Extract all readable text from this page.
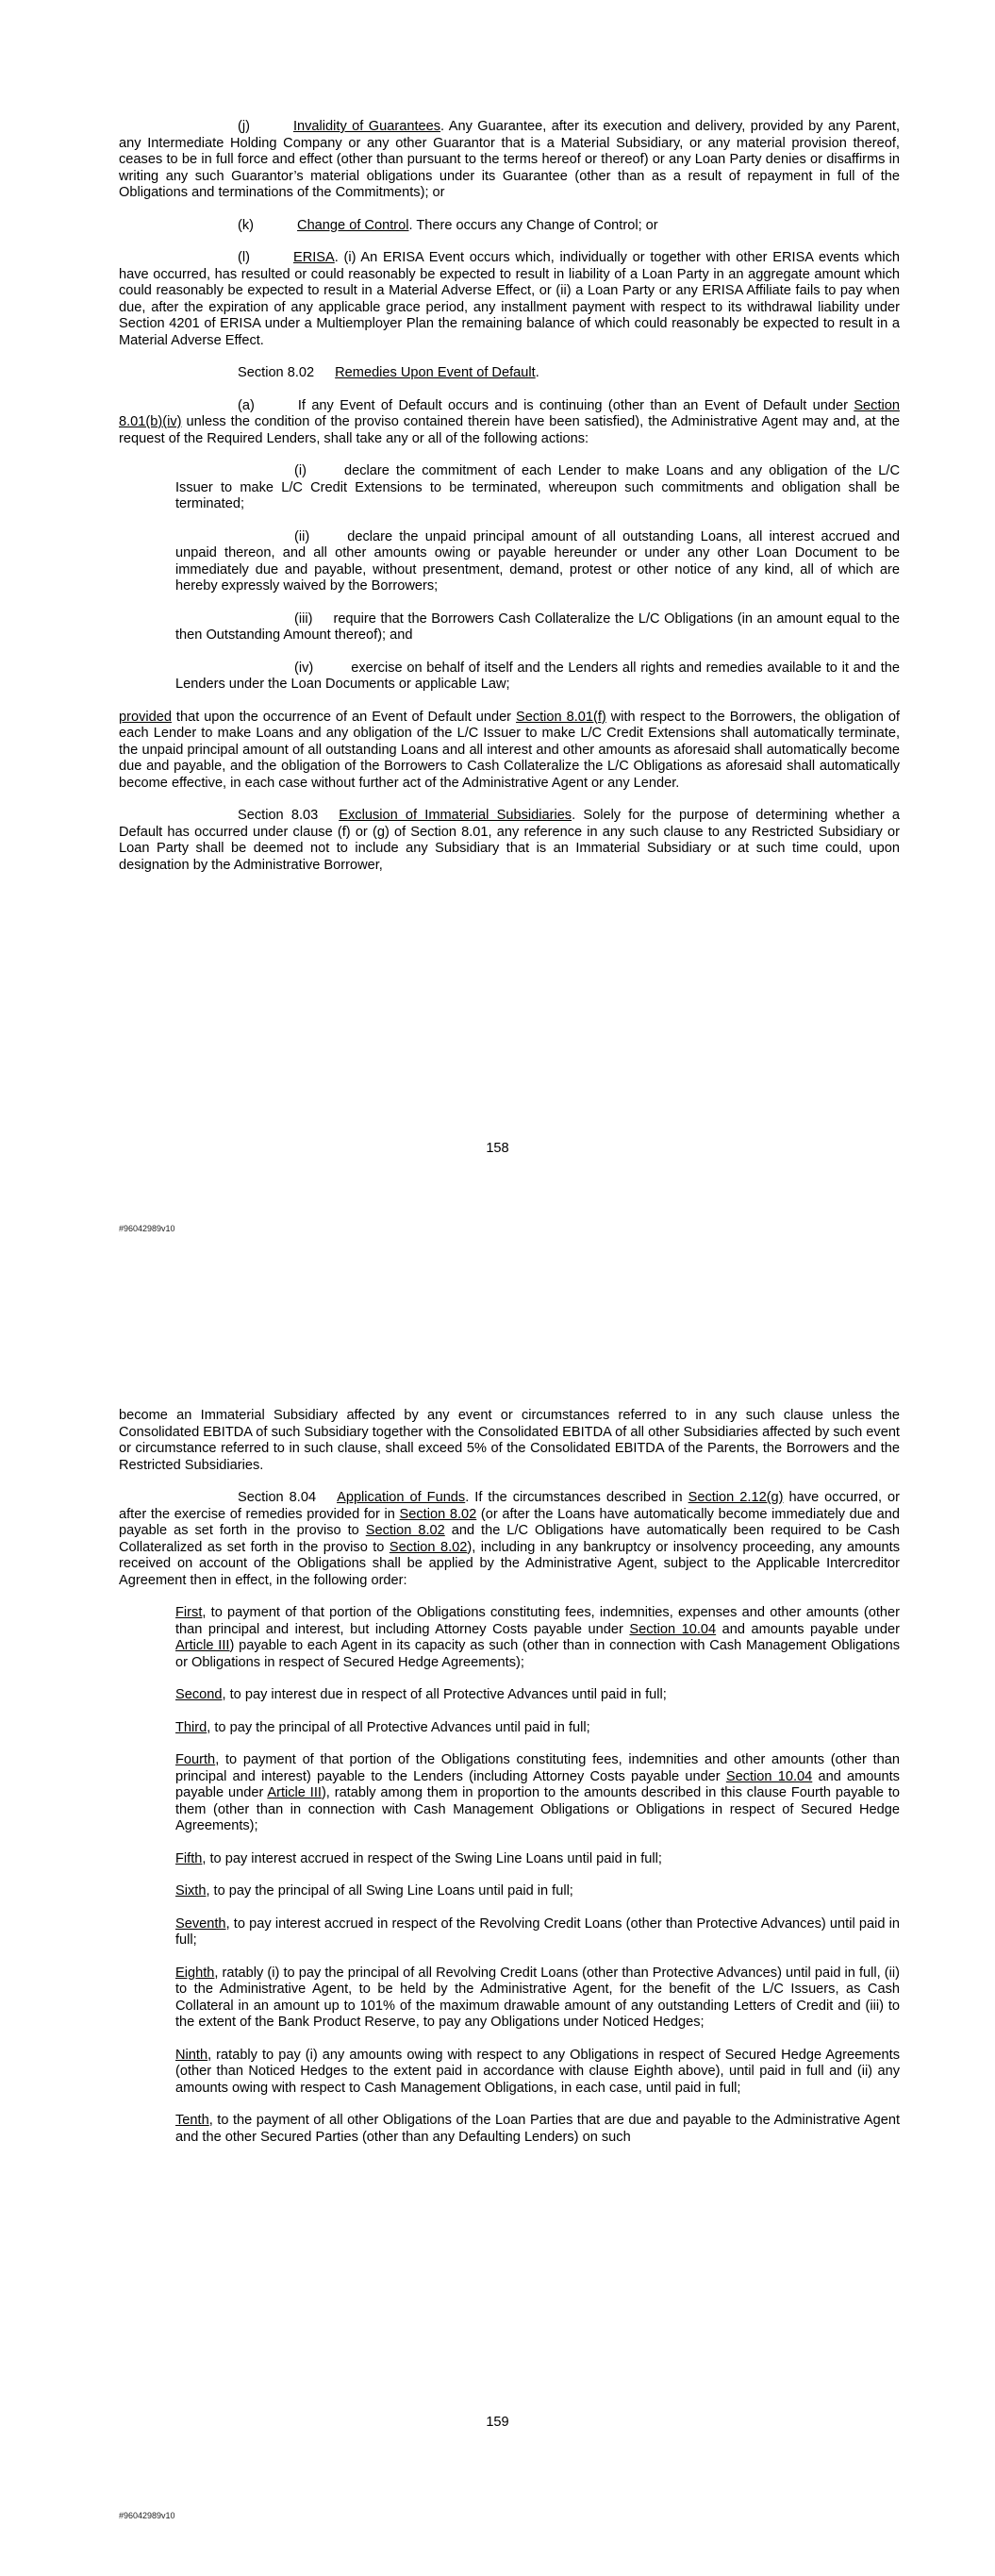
(j)	Invalidity of Guarantees. Any Guarantee, after its execution and delivery, provided by any Parent, any Intermediate Holding Company or any other Guarantor that is a Material Subsidiary, or any material provision thereof, ceases to be in full force and effect (other than pursuant to the terms hereof or thereof) or any Loan Party denies or disaffirms in writing any such Guarantor’s material obligations under its Guarantee (other than as a result of repayment in full of the Obligations and terminations of the Commitments); or

(k)	Change of Control. There occurs any Change of Control; or

(l)	ERISA. (i) An ERISA Event occurs which, individually or together with other ERISA events which have occurred, has resulted or could reasonably be expected to result in liability of a Loan Party in an aggregate amount which could reasonably be expected to result in a Material Adverse Effect, or (ii) a Loan Party or any ERISA Affiliate fails to pay when due, after the expiration of any applicable grace period, any installment payment with respect to its withdrawal liability under Section 4201 of ERISA under a Multiemployer Plan the remaining balance of which could reasonably be expected to result in a Material Adverse Effect.

Section 8.02 Remedies Upon Event of Default.

(a)	If any Event of Default occurs and is continuing (other than an Event of Default under Section 8.01(b)(iv) unless the condition of the proviso contained therein have been satisfied), the Administrative Agent may and, at the request of the Required Lenders, shall take any or all of the following actions:

(i)	declare the commitment of each Lender to make Loans and any obligation of the L/C Issuer to make L/C Credit Extensions to be terminated, whereupon such commitments and obligation shall be terminated;

(ii)	declare the unpaid principal amount of all outstanding Loans, all interest accrued and unpaid thereon, and all other amounts owing or payable hereunder or under any other Loan Document to be immediately due and payable, without presentment, demand, protest or other notice of any kind, all of which are hereby expressly waived by the Borrowers;

(iii) require that the Borrowers Cash Collateralize the L/C Obligations (in an amount equal to the then Outstanding Amount thereof); and

(iv)	exercise on behalf of itself and the Lenders all rights and remedies available to it and the Lenders under the Loan Documents or applicable Law;

provided that upon the occurrence of an Event of Default under Section 8.01(f) with respect to the Borrowers, the obligation of each Lender to make Loans and any obligation of the L/C Issuer to make L/C Credit Extensions shall automatically terminate, the unpaid principal amount of all outstanding Loans and all interest and other amounts as aforesaid shall automatically become due and payable, and the obligation of the Borrowers to Cash Collateralize the L/C Obligations as aforesaid shall automatically become effective, in each case without further act of the Administrative Agent or any Lender.

Section 8.03 Exclusion of Immaterial Subsidiaries. Solely for the purpose of determining whether a Default has occurred under clause (f) or (g) of Section 8.01, any reference in any such clause to any Restricted Subsidiary or Loan Party shall be deemed not to include any Subsidiary that is an Immaterial Subsidiary or at such time could, upon designation by the Administrative Borrower,

158
#96042989v10

become an Immaterial Subsidiary affected by any event or circumstances referred to in any such clause unless the Consolidated EBITDA of such Subsidiary together with the Consolidated EBITDA of all other Subsidiaries affected by such event or circumstance referred to in such clause, shall exceed 5% of the Consolidated EBITDA of the Parents, the Borrowers and the Restricted Subsidiaries.

Section 8.04 Application of Funds. If the circumstances described in Section 2.12(g) have occurred, or after the exercise of remedies provided for in Section 8.02 (or after the Loans have automatically become immediately due and payable as set forth in the proviso to Section 8.02 and the L/C Obligations have automatically been required to be Cash Collateralized as set forth in the proviso to Section 8.02), including in any bankruptcy or insolvency proceeding, any amounts received on account of the Obligations shall be applied by the Administrative Agent, subject to the Applicable Intercreditor Agreement then in effect, in the following order:

First, to payment of that portion of the Obligations constituting fees, indemnities, expenses and other amounts (other than principal and interest, but including Attorney Costs payable under Section 10.04 and amounts payable under Article III) payable to each Agent in its capacity as such (other than in connection with Cash Management Obligations or Obligations in respect of Secured Hedge Agreements);

Second, to pay interest due in respect of all Protective Advances until paid in full;

Third, to pay the principal of all Protective Advances until paid in full;

Fourth, to payment of that portion of the Obligations constituting fees, indemnities and other amounts (other than principal and interest) payable to the Lenders (including Attorney Costs payable under Section 10.04 and amounts payable under Article III), ratably among them in proportion to the amounts described in this clause Fourth payable to them (other than in connection with Cash Management Obligations or Obligations in respect of Secured Hedge Agreements);

Fifth, to pay interest accrued in respect of the Swing Line Loans until paid in full;

Sixth, to pay the principal of all Swing Line Loans until paid in full;

Seventh, to pay interest accrued in respect of the Revolving Credit Loans (other than Protective Advances) until paid in full;

Eighth, ratably (i) to pay the principal of all Revolving Credit Loans (other than Protective Advances) until paid in full, (ii) to the Administrative Agent, to be held by the Administrative Agent, for the benefit of the L/C Issuers, as Cash Collateral in an amount up to 101% of the maximum drawable amount of any outstanding Letters of Credit and (iii) to the extent of the Bank Product Reserve, to pay any Obligations under Noticed Hedges;

Ninth, ratably to pay (i) any amounts owing with respect to any Obligations in respect of Secured Hedge Agreements (other than Noticed Hedges to the extent paid in accordance with clause Eighth above), until paid in full and (ii) any amounts owing with respect to Cash Management Obligations, in each case, until paid in full;

Tenth, to the payment of all other Obligations of the Loan Parties that are due and payable to the Administrative Agent and the other Secured Parties (other than any Defaulting Lenders) on such

159
#96042989v10
